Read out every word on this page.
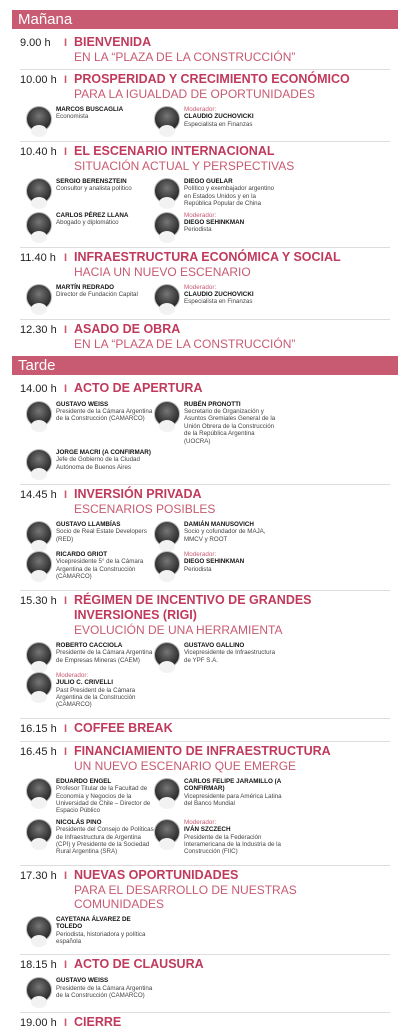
Mañana
9.00 h	I BIENVENIDA
EN LA “PLAZA DE LA CONSTRUCCIÓN”
10.00 h I PROSPERIDAD Y CRECIMIENTO ECONÓMICO
PARA LA IGUALDAD DE OPORTUNIDADES
MARCOS BUSCAGLIA
Economista
Moderador:
CLAUDIO ZUCHOVICKI
Especialista en Finanzas
10.40 h I EL ESCENARIO INTERNACIONAL
SITUACIÓN ACTUAL Y PERSPECTIVAS
SERGIO BERENSZTEIN
Consultor y analista político
DIEGO GUELAR
Político y exembajador argentino en Estados Unidos y en la República Popular de China
CARLOS PÉREZ LLANA
Abogado y diplomático
Moderador:
DIEGO SEHINKMAN
Periodista
11.40 h I INFRAESTRUCTURA ECONÓMICA Y SOCIAL
HACIA UN NUEVO ESCENARIO
MARTÍN REDRADO
Director de Fundación Capital
Moderador:
CLAUDIO ZUCHOVICKI
Especialista en Finanzas
12.30 h I ASADO DE OBRA
EN LA “PLAZA DE LA CONSTRUCCIÓN”
Tarde
14.00 h I ACTO DE APERTURA
GUSTAVO WEISS
Presidente de la Cámara Argentina de la Construcción (CAMARCO)
RUBÉN PRONOTTI
Secretario de Organización y Asuntos Gremiales General de la Unión Obrera de la Construcción de la República Argentina (UOCRA)
JORGE MACRI (A CONFIRMAR)
Jefe de Gobierno de la Ciudad Autónoma de Buenos Aires
14.45 h I INVERSIÓN PRIVADA
ESCENARIOS POSIBLES
GUSTAVO LLAMBÍAS
Socio de Real Estate Developers (RED)
DAMIÁN MANUSOVICH
Socio y cofundador de MAJA, MMCV y ROOT
RICARDO GRIOT
Vicepresidente 5° de la Cámara Argentina de la Construcción (CAMARCO)
Moderador:
DIEGO SEHINKMAN
Periodista
15.30 h I RÉGIMEN DE INCENTIVO DE GRANDES INVERSIONES (RIGI)
EVOLUCIÓN DE UNA HERRAMIENTA
ROBERTO CACCIOLA
Presidente de la Cámara Argentina de Empresas Mineras (CAEM)
GUSTAVO GALLINO
Vicepresidente de Infraestructura de YPF S.A.
Moderador:
JULIO C. CRIVELLI
Past President de la Cámara Argentina de la Construcción (CAMARCO)
16.15 h I COFFEE BREAK
16.45 h I FINANCIAMIENTO DE INFRAESTRUCTURA
UN NUEVO ESCENARIO QUE EMERGE
EDUARDO ENGEL
Profesor Titular de la Facultad de Economía y Negocios de la Universidad de Chile – Director de Espacio Público
CARLOS FELIPE JARAMILLO (A CONFIRMAR)
Vicepresidente para América Latina del Banco Mundial
NICOLÁS PINO
Presidente del Consejo de Políticas de Infraestructura de Argentina (CPI) y Presidente de la Sociedad Rural Argentina (SRA)
Moderador:
IVÁN SZCZECH
Presidente de la Federación Interamericana de la Industria de la Construcción (FIIC)
17.30 h I NUEVAS OPORTUNIDADES
PARA EL DESARROLLO DE NUESTRAS COMUNIDADES
CAYETANA ÁLVAREZ DE TOLEDO
Periodista, historiadora y política española
18.15 h I ACTO DE CLAUSURA
GUSTAVO WEISS
Presidente de la Cámara Argentina de la Construcción (CAMARCO)
19.00 h I CIERRE
